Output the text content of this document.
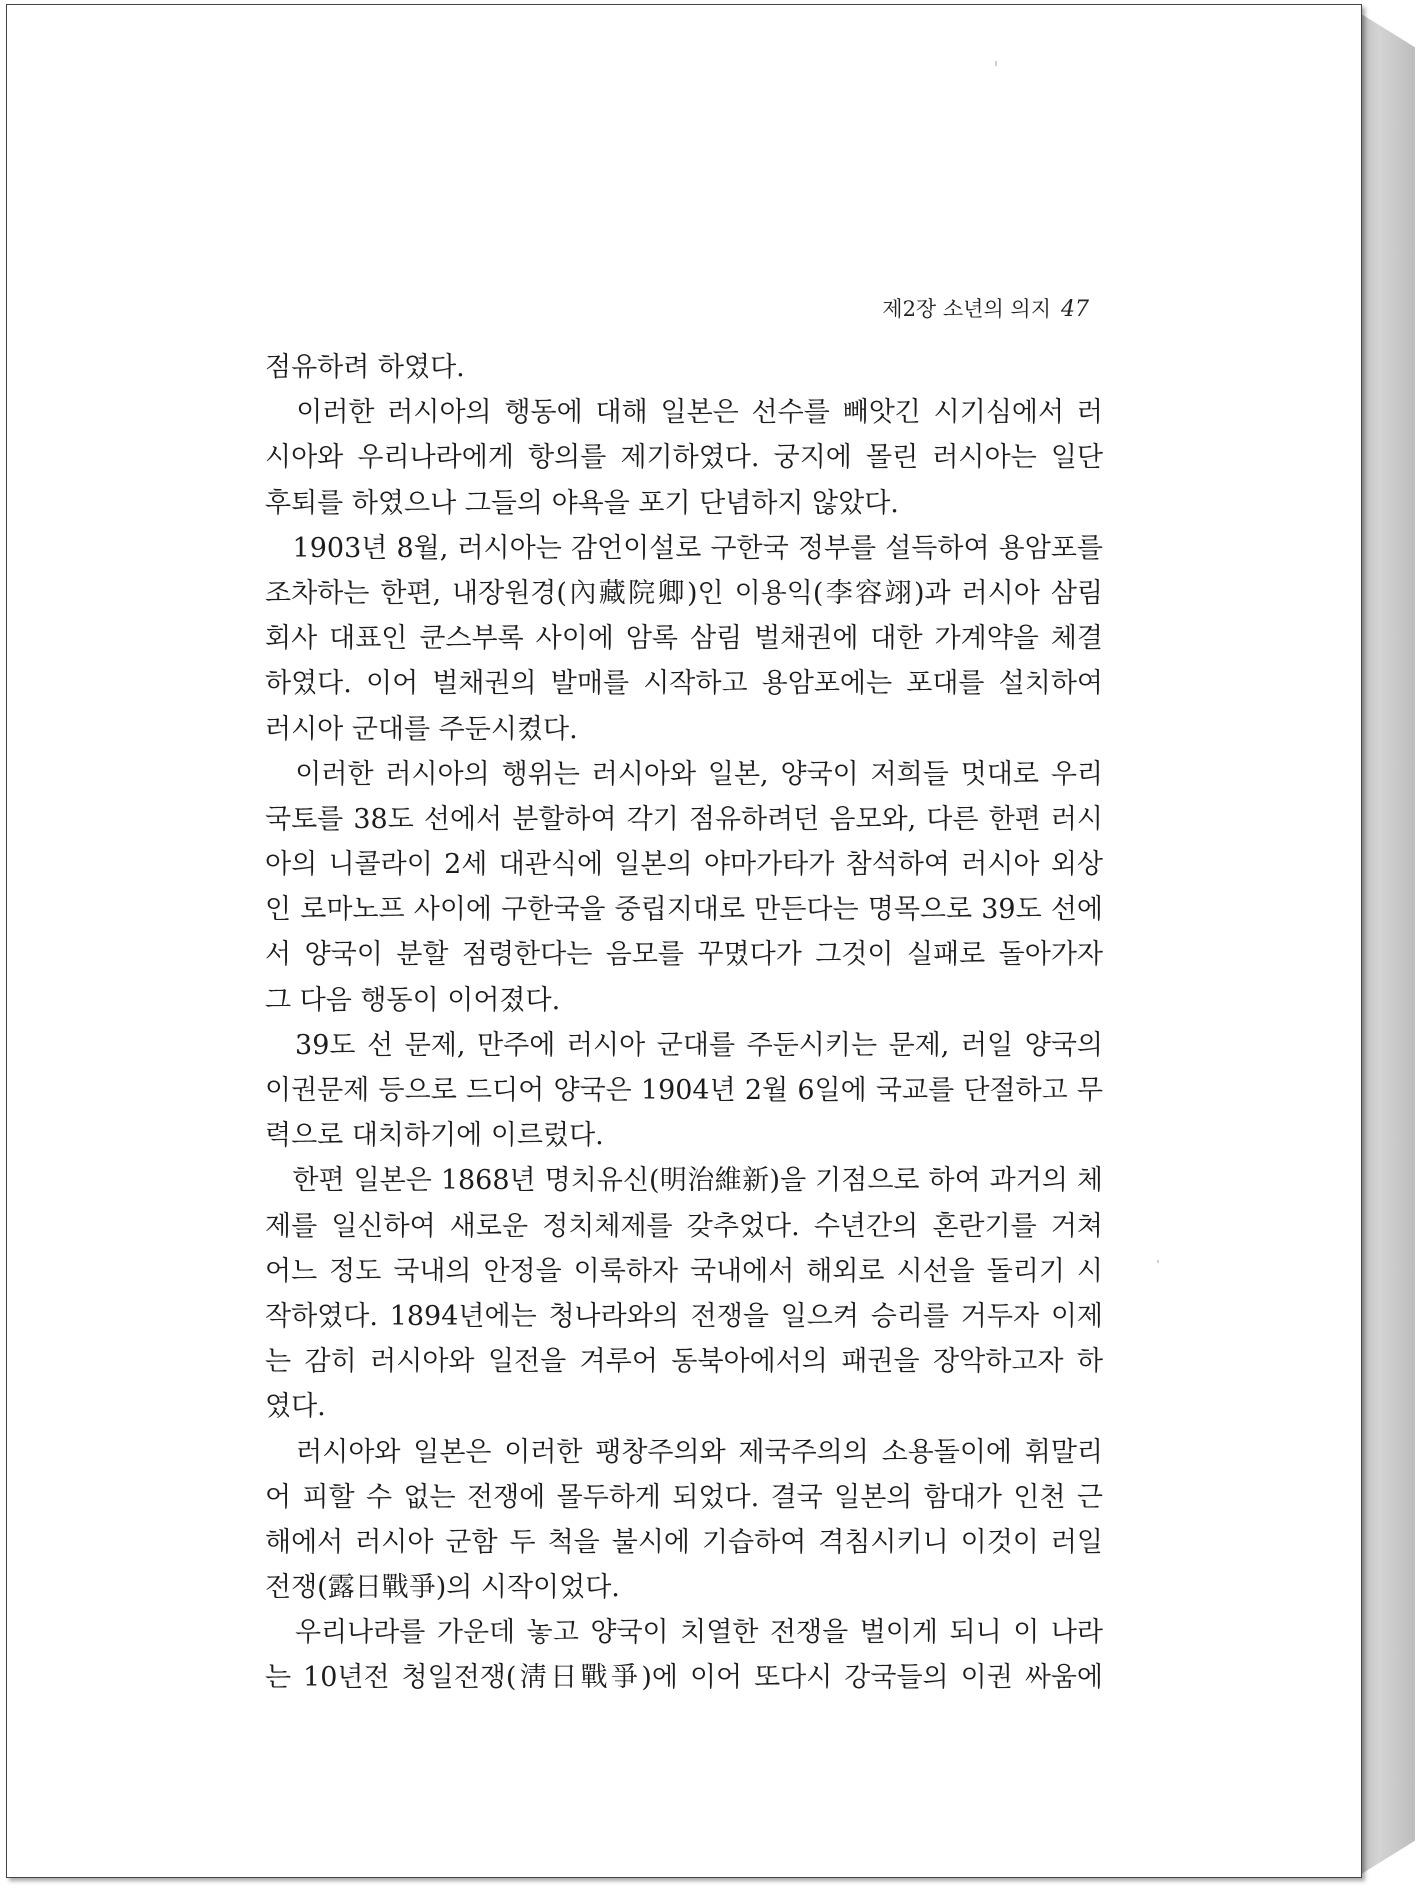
제2장 소년의 의지 47
점유하려 하였다.
　이러한 러시아의 행동에 대해 일본은 선수를 빼앗긴 시기심에서 러
시아와 우리나라에게 항의를 제기하였다. 궁지에 몰린 러시아는 일단
후퇴를 하였으나 그들의 야욕을 포기 단념하지 않았다.
　1903년 8월, 러시아는 감언이설로 구한국 정부를 설득하여 용암포를
조차하는 한편, 내장원경(內藏院卿)인 이용익(李容翊)과 러시아 삼림
회사 대표인 쿤스부록 사이에 암록 삼림 벌채권에 대한 가계약을 체결
하였다. 이어 벌채권의 발매를 시작하고 용암포에는 포대를 설치하여
러시아 군대를 주둔시켰다.
　이러한 러시아의 행위는 러시아와 일본, 양국이 저희들 멋대로 우리
국토를 38도 선에서 분할하여 각기 점유하려던 음모와, 다른 한편 러시
아의 니콜라이 2세 대관식에 일본의 야마가타가 참석하여 러시아 외상
인 로마노프 사이에 구한국을 중립지대로 만든다는 명목으로 39도 선에
서 양국이 분할 점령한다는 음모를 꾸몄다가 그것이 실패로 돌아가자
그 다음 행동이 이어졌다.
　39도 선 문제, 만주에 러시아 군대를 주둔시키는 문제, 러일 양국의
이권문제 등으로 드디어 양국은 1904년 2월 6일에 국교를 단절하고 무
력으로 대치하기에 이르렀다.
　한편 일본은 1868년 명치유신(明治維新)을 기점으로 하여 과거의 체
제를 일신하여 새로운 정치체제를 갖추었다. 수년간의 혼란기를 거쳐
어느 정도 국내의 안정을 이룩하자 국내에서 해외로 시선을 돌리기 시
작하였다. 1894년에는 청나라와의 전쟁을 일으켜 승리를 거두자 이제
는 감히 러시아와 일전을 겨루어 동북아에서의 패권을 장악하고자 하
였다.
　러시아와 일본은 이러한 팽창주의와 제국주의의 소용돌이에 휘말리
어 피할 수 없는 전쟁에 몰두하게 되었다. 결국 일본의 함대가 인천 근
해에서 러시아 군함 두 척을 불시에 기습하여 격침시키니 이것이 러일
전쟁(露日戰爭)의 시작이었다.
　우리나라를 가운데 놓고 양국이 치열한 전쟁을 벌이게 되니 이 나라
는 10년전 청일전쟁(淸日戰爭)에 이어 또다시 강국들의 이권 싸움에
